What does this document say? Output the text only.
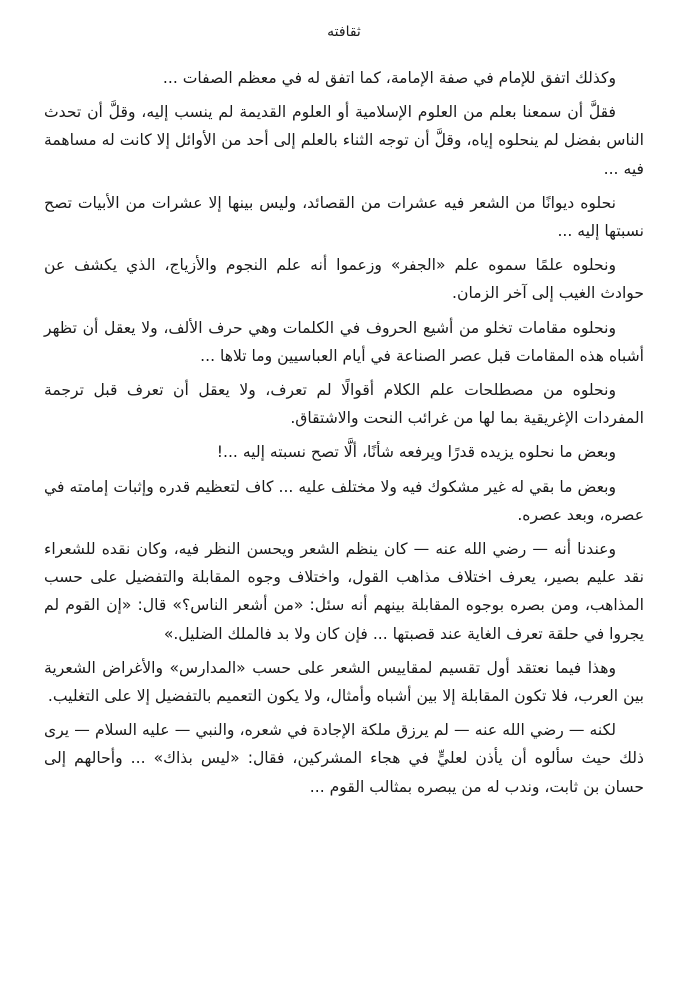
ثقافته

وكذلك اتفق للإمام في صفة الإمامة، كما اتفق له في معظم الصفات ...

فقلَّ أن سمعنا بعلم من العلوم الإسلامية أو العلوم القديمة لم ينسب إليه، وقلَّ أن تحدث الناس بفضل لم ينحلوه إياه، وقلَّ أن توجه الثناء بالعلم إلى أحد من الأوائل إلا كانت له مساهمة فيه ...

نحلوه ديوانًا من الشعر فيه عشرات من القصائد، وليس بينها إلا عشرات من الأبيات تصح نسبتها إليه ...

ونحلوه علمًا سموه علم «الجفر» وزعموا أنه علم النجوم والأزياج، الذي يكشف عن حوادث الغيب إلى آخر الزمان.

ونحلوه مقامات تخلو من أشيع الحروف في الكلمات وهي حرف الألف، ولا يعقل أن تظهر أشباه هذه المقامات قبل عصر الصناعة في أيام العباسيين وما تلاها ...

ونحلوه من مصطلحات علم الكلام أقوالًا لم تعرف، ولا يعقل أن تعرف قبل ترجمة المفردات الإغريقية بما لها من غرائب النحت والاشتقاق.

وبعض ما نحلوه يزيده قدرًا ويرفعه شأنًا، ألَّا تصح نسبته إليه ...!

وبعض ما بقي له غير مشكوك فيه ولا مختلف عليه ... كاف لتعظيم قدره وإثبات إمامته في عصره، وبعد عصره.

وعندنا أنه — رضي الله عنه — كان ينظم الشعر ويحسن النظر فيه، وكان نقده للشعراء نقد عليم بصير، يعرف اختلاف مذاهب القول، واختلاف وجوه المقابلة والتفضيل على حسب المذاهب، ومن بصره بوجوه المقابلة بينهم أنه سئل: «من أشعر الناس؟» قال: «إن القوم لم يجروا في حلقة تعرف الغاية عند قصبتها ... فإن كان ولا بد فالملك الضليل.»

وهذا فيما نعتقد أول تقسيم لمقاييس الشعر على حسب «المدارس» والأغراض الشعرية بين العرب، فلا تكون المقابلة إلا بين أشباه وأمثال، ولا يكون التعميم بالتفضيل إلا على التغليب.

لكنه — رضي الله عنه — لم يرزق ملكة الإجادة في شعره، والنبي — عليه السلام — يرى ذلك حيث سألوه أن يأذن لعليٍّ في هجاء المشركين، فقال: «ليس بذاك» ... وأحالهم إلى حسان بن ثابت، وندب له من يبصره بمثالب القوم ...
